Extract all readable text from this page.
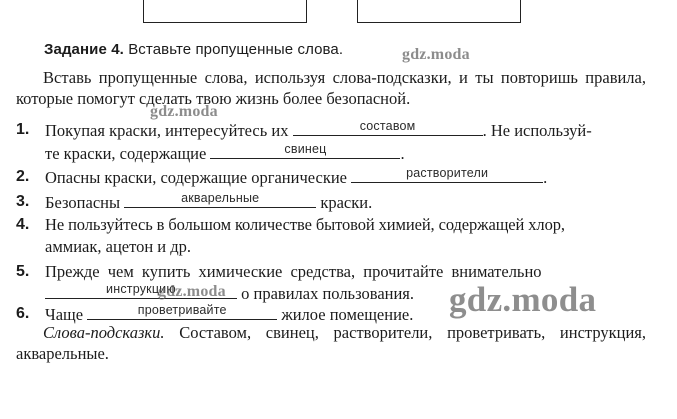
Задание 4. Вставьте пропущенные слова.
Вставь пропущенные слова, используя слова-подсказки, и ты повторишь правила, которые помогут сделать твою жизнь более безопасной.
1. Покупая краски, интересуйтесь их	составом	. Не используй-
те краски, содержащие	свинец	.
2. Опасны краски, содержащие органические	растворители	.
3. Безопасны	акварельные	краски.
4. Не пользуйтесь в большом количестве бытовой химией, содержащей хлор,
аммиак, ацетон и др.
5. Прежде чем купить химические средства, прочитайте внимательно
инструкцию	о правилах пользования.
6. Чаще	проветривайте	жилое помещение.
Слова-подсказки. Составом, свинец, растворители, проветривать, инструкция, акварельные.
gdz.moda
gdz.moda
gdz.moda	gdz.moda
